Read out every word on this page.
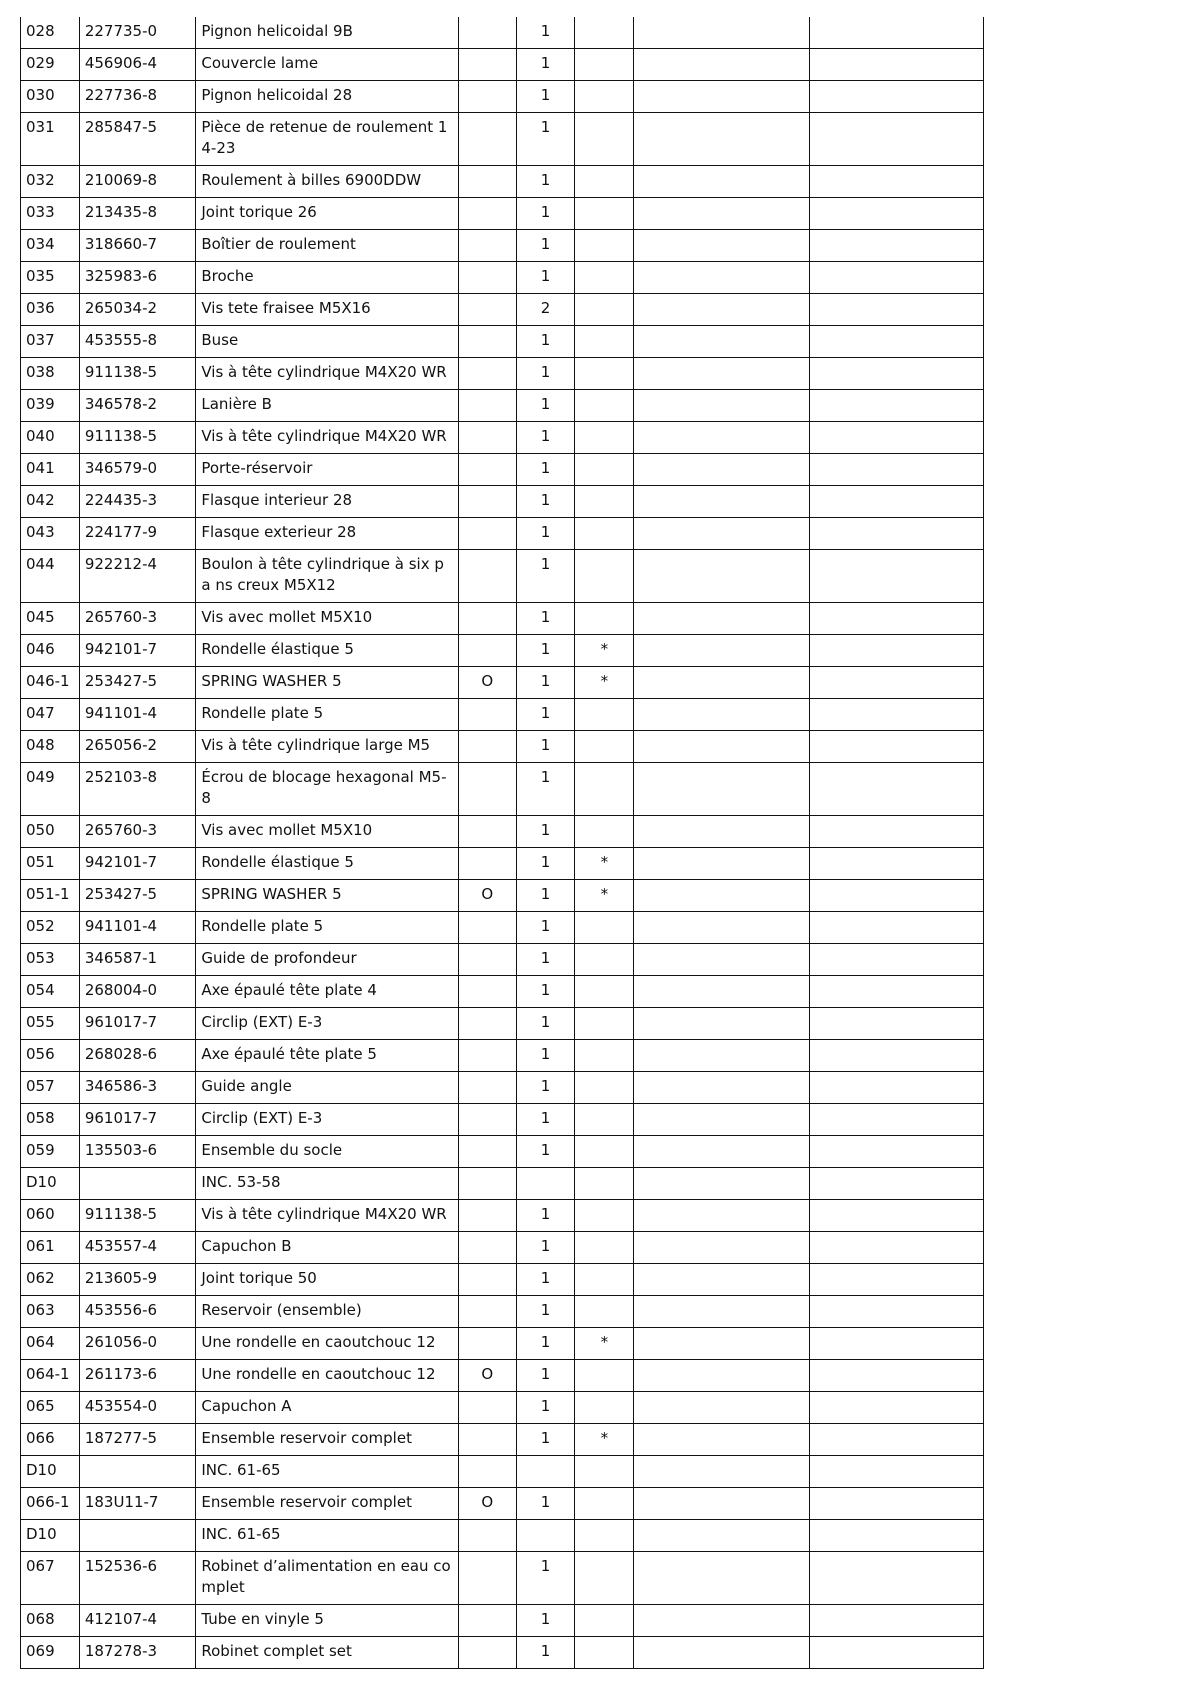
028	227735-0	Pignon helicoidal 9B		1			
029	456906-4	Couvercle lame		1			
030	227736-8	Pignon helicoidal 28		1			
031	285847-5	Pièce de retenue de roulement 1 4-23		1			
032	210069-8	Roulement à billes 6900DDW		1			
033	213435-8	Joint torique 26		1			
034	318660-7	Boîtier de roulement		1			
035	325983-6	Broche		1			
036	265034-2	Vis tete fraisee M5X16		2			
037	453555-8	Buse		1			
038	911138-5	Vis à tête cylindrique M4X20 WR		1			
039	346578-2	Lanière B		1			
040	911138-5	Vis à tête cylindrique M4X20 WR		1			
041	346579-0	Porte-réservoir		1			
042	224435-3	Flasque interieur 28		1			
043	224177-9	Flasque exterieur 28		1			
044	922212-4	Boulon à tête cylindrique à six pa ns creux M5X12		1			
045	265760-3	Vis avec mollet M5X10		1			
046	942101-7	Rondelle élastique 5		1	*		
046-1	253427-5	SPRING WASHER 5	O	1	*		
047	941101-4	Rondelle plate 5		1			
048	265056-2	Vis à tête cylindrique large M5		1			
049	252103-8	Écrou de blocage hexagonal M5- 8		1			
050	265760-3	Vis avec mollet M5X10		1			
051	942101-7	Rondelle élastique 5		1	*		
051-1	253427-5	SPRING WASHER 5	O	1	*		
052	941101-4	Rondelle plate 5		1			
053	346587-1	Guide de profondeur		1			
054	268004-0	Axe épaulé tête plate 4		1			
055	961017-7	Circlip (EXT) E-3		1			
056	268028-6	Axe épaulé tête plate 5		1			
057	346586-3	Guide angle		1			
058	961017-7	Circlip (EXT) E-3		1			
059	135503-6	Ensemble du socle		1			
D10		INC. 53-58					
060	911138-5	Vis à tête cylindrique M4X20 WR		1			
061	453557-4	Capuchon B		1			
062	213605-9	Joint torique 50		1			
063	453556-6	Reservoir (ensemble)		1			
064	261056-0	Une rondelle en caoutchouc 12		1	*		
064-1	261173-6	Une rondelle en caoutchouc 12	O	1			
065	453554-0	Capuchon A		1			
066	187277-5	Ensemble reservoir complet		1	*		
D10		INC. 61-65					
066-1	183U11-7	Ensemble reservoir complet	O	1			
D10		INC. 61-65					
067	152536-6	Robinet d’alimentation en eau co mplet		1			
068	412107-4	Tube en vinyle 5		1			
069	187278-3	Robinet complet set		1			
